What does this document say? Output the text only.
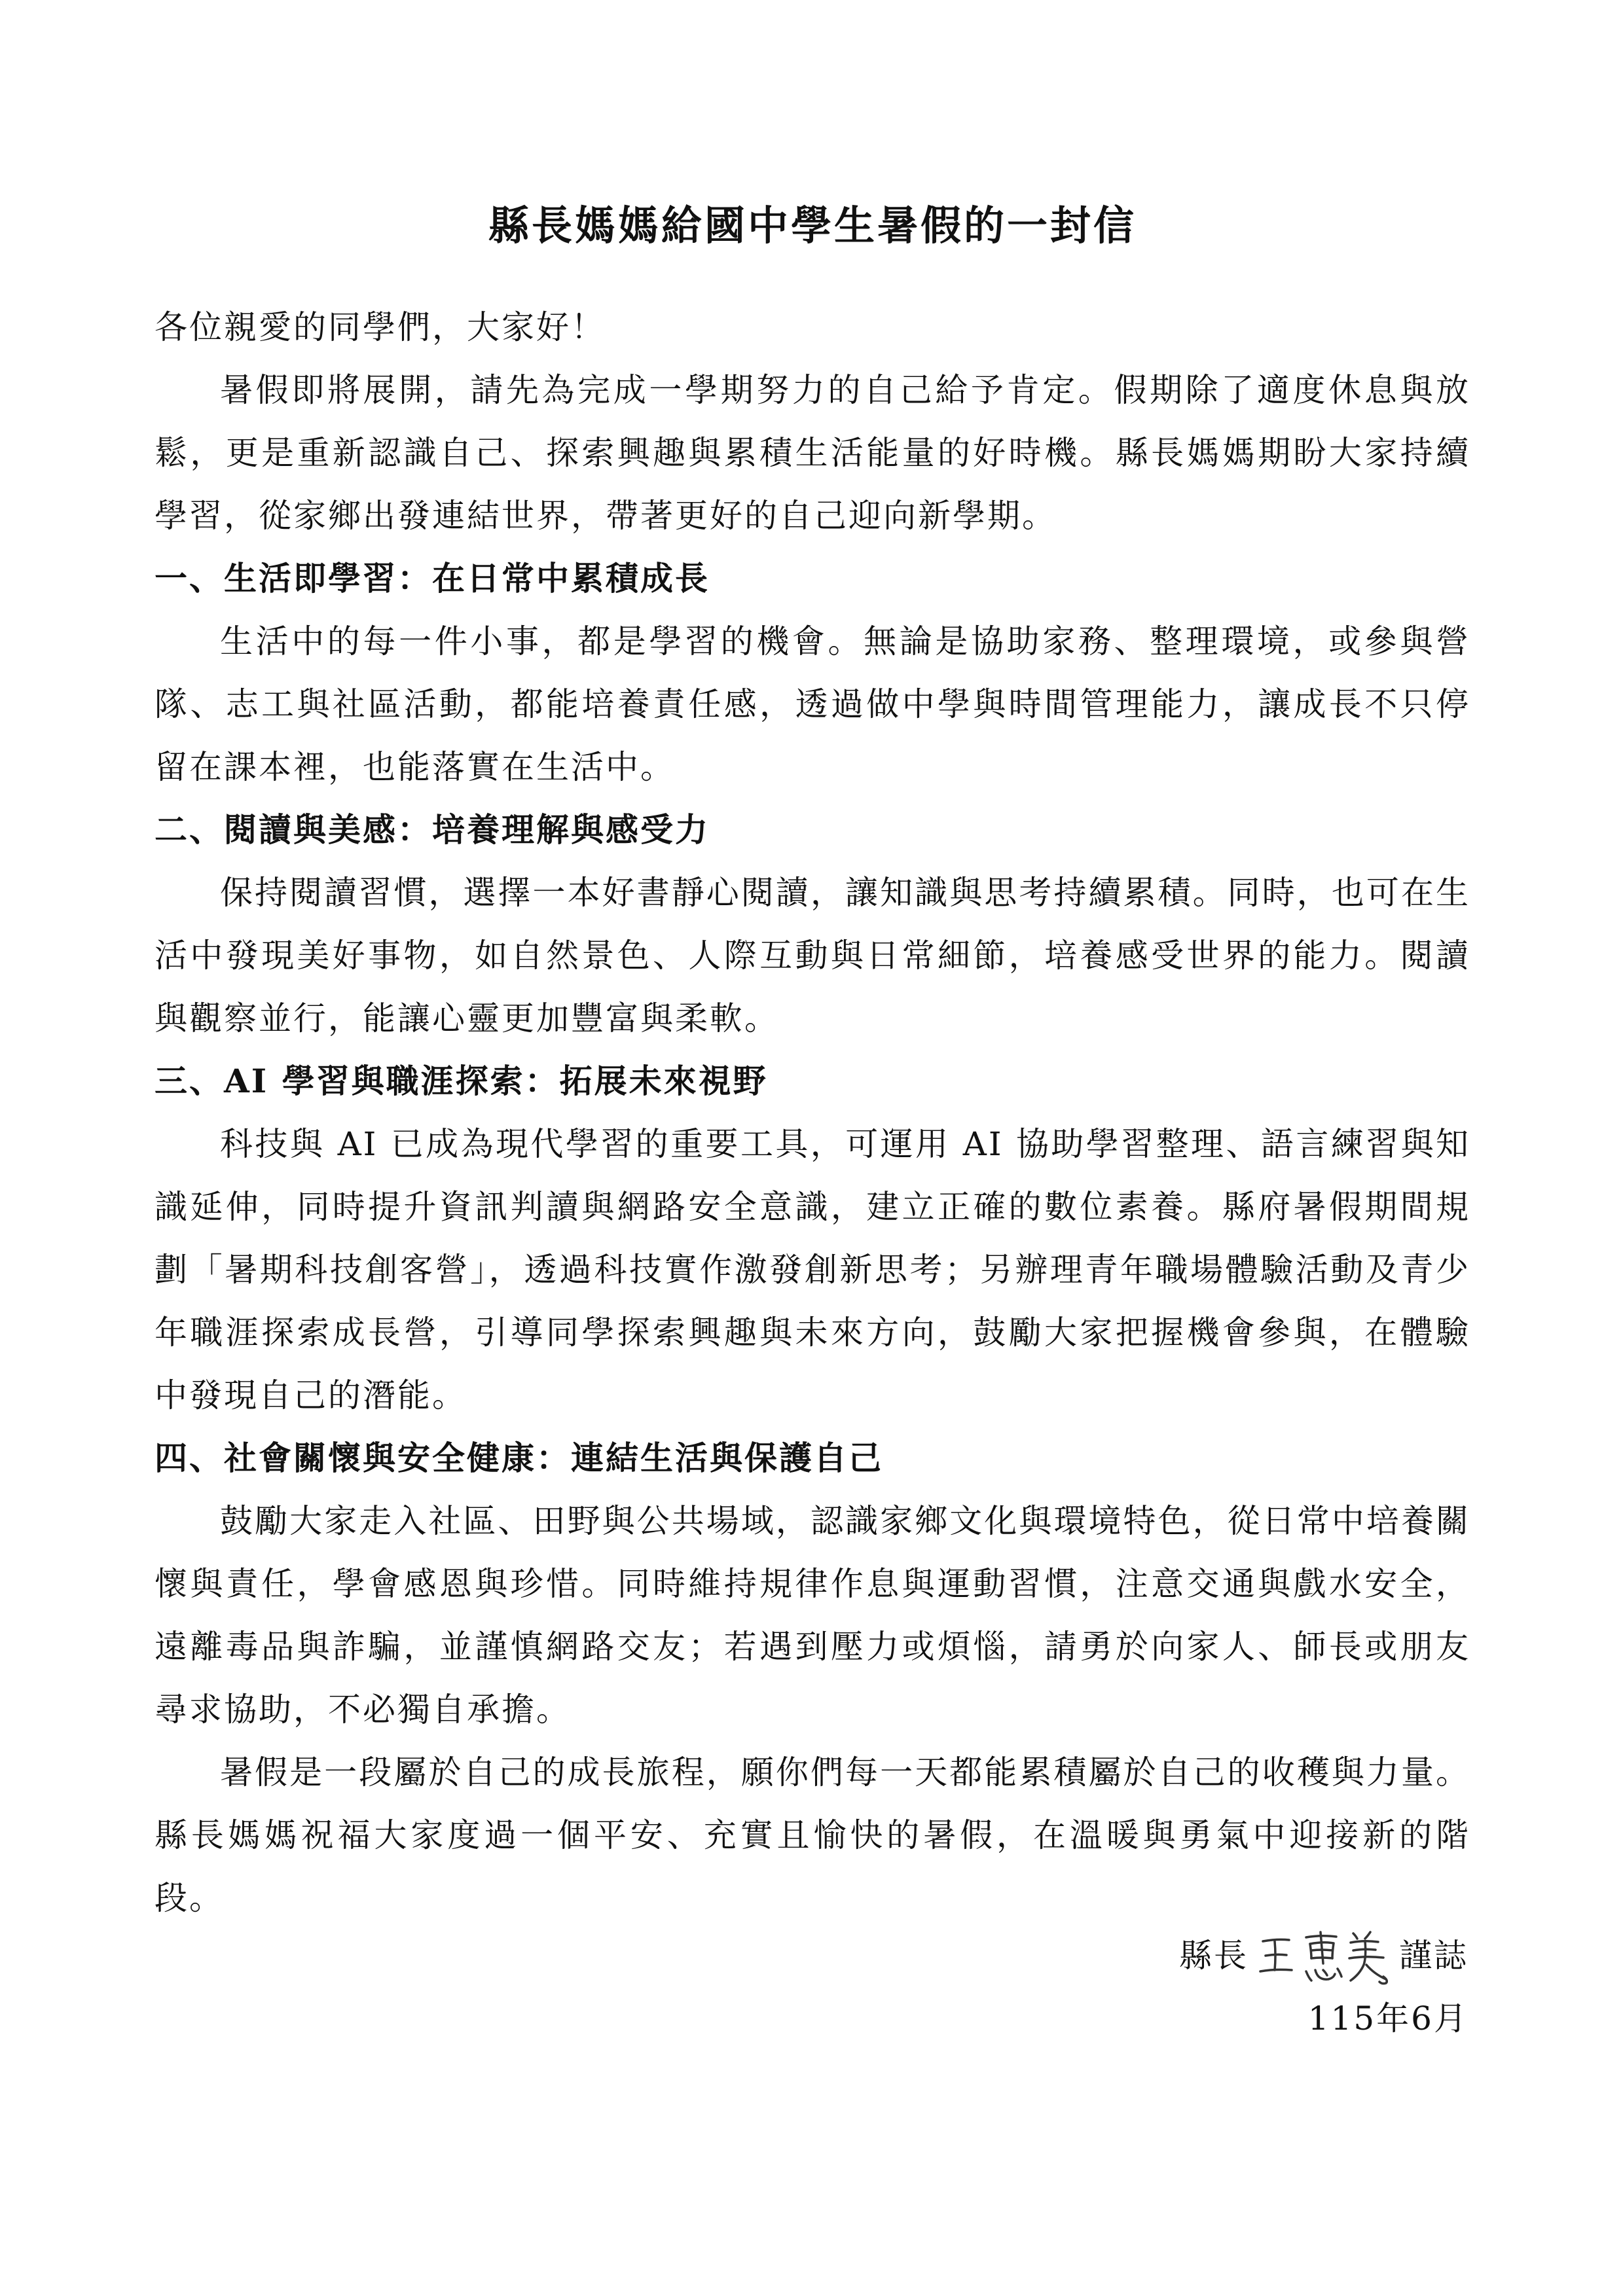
縣長媽媽給國中學生暑假的一封信

各位親愛的同學們，大家好！

暑假即將展開，請先為完成一學期努力的自己給予肯定。假期除了適度休息與放鬆，更是重新認識自己、探索興趣與累積生活能量的好時機。縣長媽媽期盼大家持續學習，從家鄉出發連結世界，帶著更好的自己迎向新學期。

一、生活即學習：在日常中累積成長

生活中的每一件小事，都是學習的機會。無論是協助家務、整理環境，或參與營隊、志工與社區活動，都能培養責任感，透過做中學與時間管理能力，讓成長不只停留在課本裡，也能落實在生活中。

二、閱讀與美感：培養理解與感受力

保持閱讀習慣，選擇一本好書靜心閱讀，讓知識與思考持續累積。同時，也可在生活中發現美好事物，如自然景色、人際互動與日常細節，培養感受世界的能力。閱讀與觀察並行，能讓心靈更加豐富與柔軟。

三、AI 學習與職涯探索：拓展未來視野

科技與 AI 已成為現代學習的重要工具，可運用 AI 協助學習整理、語言練習與知識延伸，同時提升資訊判讀與網路安全意識，建立正確的數位素養。縣府暑假期間規劃「暑期科技創客營」，透過科技實作激發創新思考；另辦理青年職場體驗活動及青少年職涯探索成長營，引導同學探索興趣與未來方向，鼓勵大家把握機會參與，在體驗中發現自己的潛能。

四、社會關懷與安全健康：連結生活與保護自己

鼓勵大家走入社區、田野與公共場域，認識家鄉文化與環境特色，從日常中培養關懷與責任，學會感恩與珍惜。同時維持規律作息與運動習慣，注意交通與戲水安全，遠離毒品與詐騙，並謹慎網路交友；若遇到壓力或煩惱，請勇於向家人、師長或朋友尋求協助，不必獨自承擔。

暑假是一段屬於自己的成長旅程，願你們每一天都能累積屬於自己的收穫與力量。縣長媽媽祝福大家度過一個平安、充實且愉快的暑假，在溫暖與勇氣中迎接新的階段。

縣長	謹誌
115年6月
